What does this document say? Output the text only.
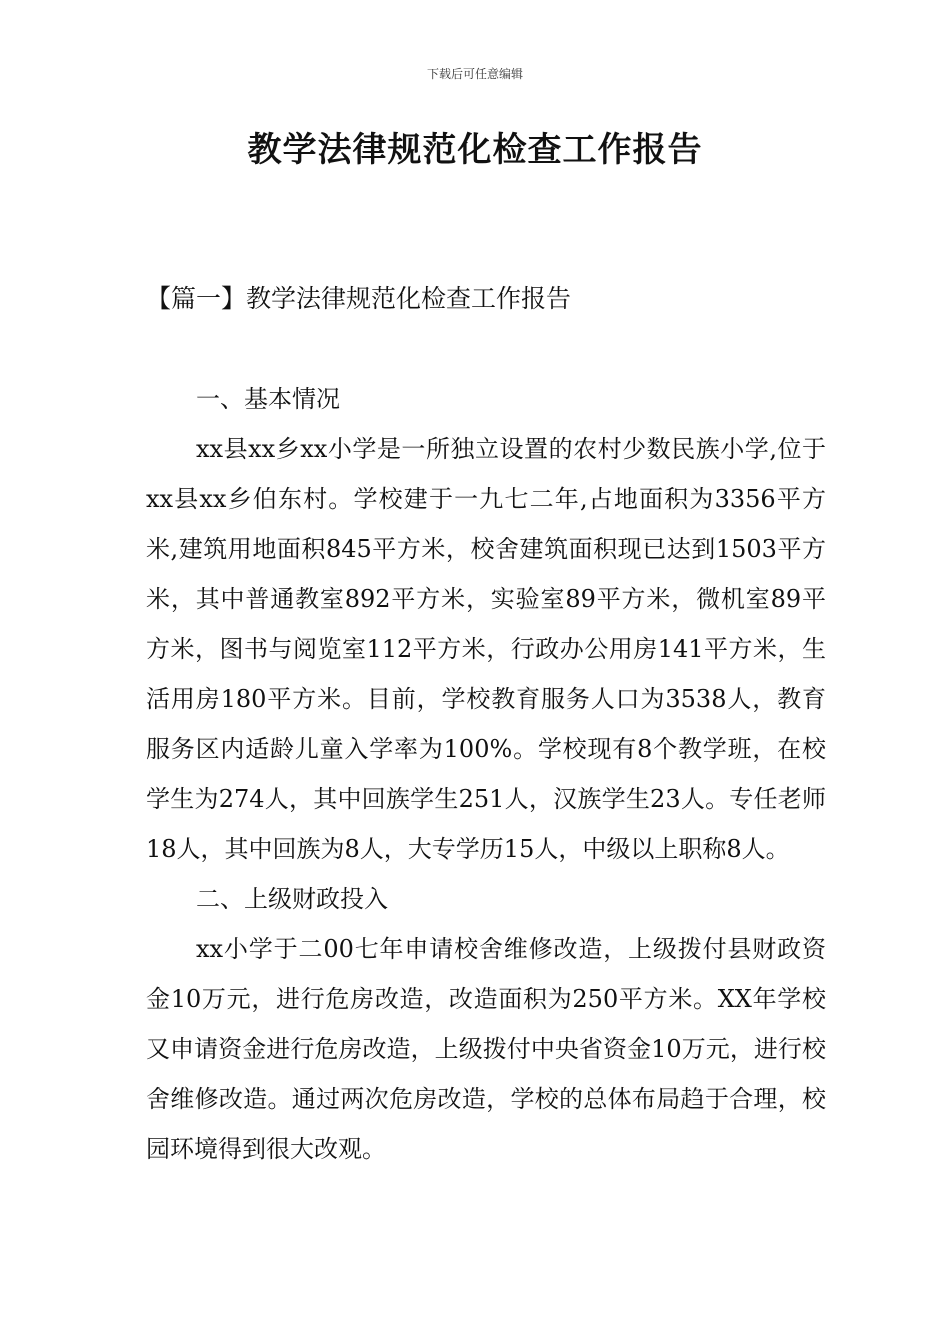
下载后可任意编辑
教学法律规范化检查工作报告
【篇一】教学法律规范化检查工作报告

一、基本情况

xx县xx乡xx小学是一所独立设置的农村少数民族小学,位于xx县xx乡伯东村。学校建于一九七二年,占地面积为3356平方米,建筑用地面积845平方米，校舍建筑面积现已达到1503平方米，其中普通教室892平方米，实验室89平方米，微机室89平方米，图书与阅览室112平方米，行政办公用房141平方米，生活用房180平方米。目前，学校教育服务人口为3538人，教育服务区内适龄儿童入学率为100%。学校现有8个教学班，在校学生为274人，其中回族学生251人，汉族学生23人。专任老师18人，其中回族为8人，大专学历15人，中级以上职称8人。

二、上级财政投入

xx小学于二00七年申请校舍维修改造，上级拨付县财政资金10万元，进行危房改造，改造面积为250平方米。XX年学校又申请资金进行危房改造，上级拨付中央省资金10万元，进行校舍维修改造。通过两次危房改造，学校的总体布局趋于合理，校园环境得到很大改观。
